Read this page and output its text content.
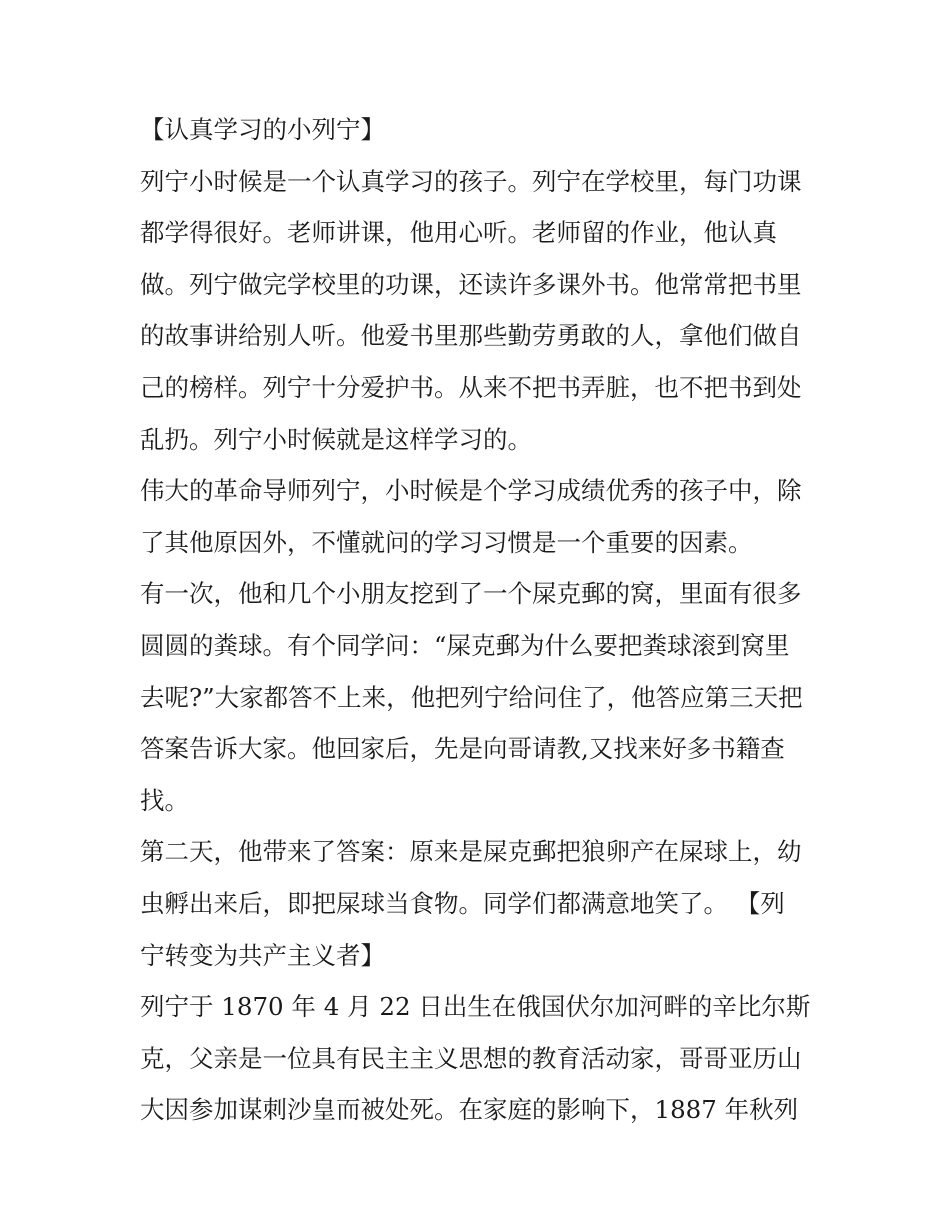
【认真学习的小列宁】
列宁小时候是一个认真学习的孩子。列宁在学校里，每门功课
都学得很好。老师讲课，他用心听。老师留的作业，他认真
做。列宁做完学校里的功课，还读许多课外书。他常常把书里
的故事讲给别人听。他爱书里那些勤劳勇敢的人，拿他们做自
己的榜样。列宁十分爱护书。从来不把书弄脏，也不把书到处
乱扔。列宁小时候就是这样学习的。
伟大的革命导师列宁，小时候是个学习成绩优秀的孩子中，除
了其他原因外，不懂就问的学习习惯是一个重要的因素。
有一次，他和几个小朋友挖到了一个屎克郵的窝，里面有很多
圆圆的粪球。有个同学问：“屎克郵为什么要把粪球滚到窝里
去呢?”大家都答不上来，他把列宁给问住了，他答应第三天把
答案告诉大家。他回家后，先是向哥请教,又找来好多书籍查
找。
第二天，他带来了答案：原来是屎克郵把狼卵产在屎球上，幼
虫孵出来后，即把屎球当食物。同学们都满意地笑了。 【列
宁转变为共产主义者】
列宁于 1870 年 4 月 22 日出生在俄国伏尔加河畔的辛比尔斯
克，父亲是一位具有民主主义思想的教育活动家，哥哥亚历山
大因参加谋刺沙皇而被处死。在家庭的影响下，1887 年秋列
